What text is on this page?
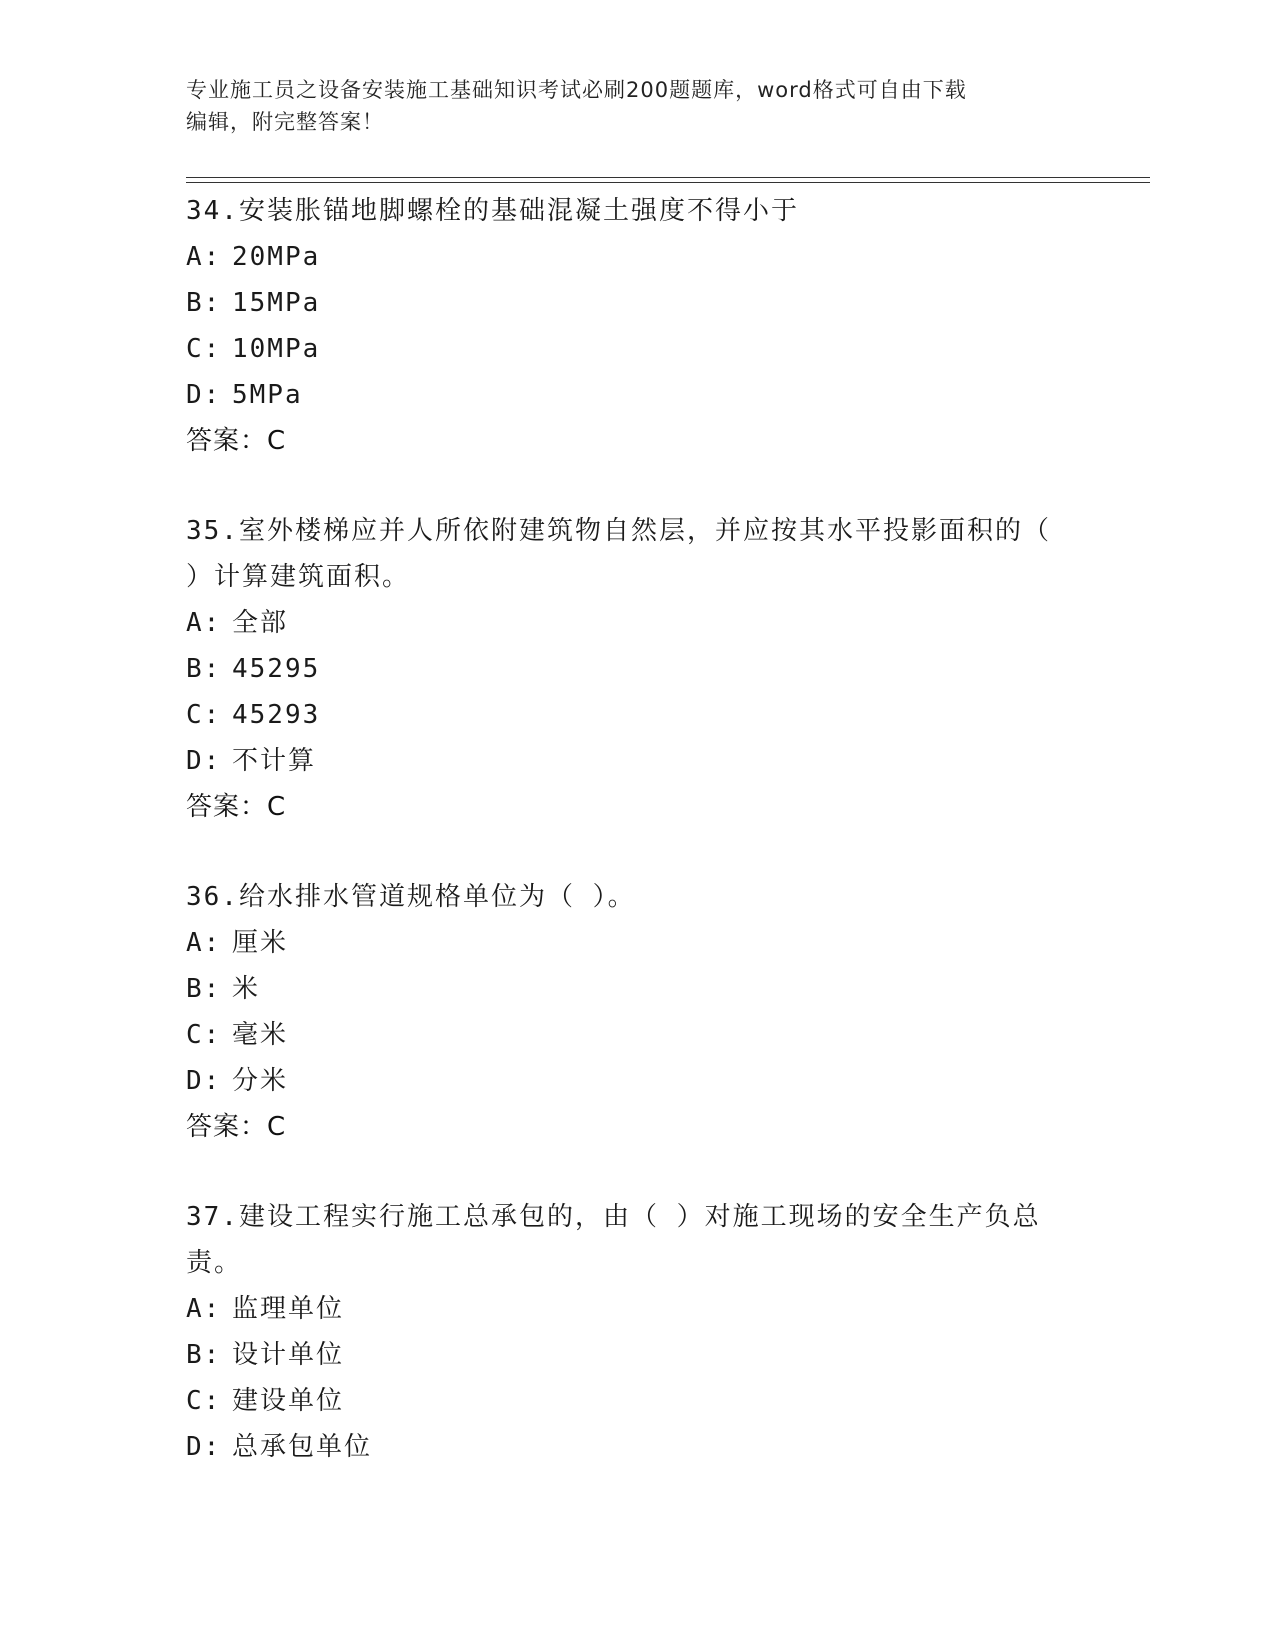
专业施工员之设备安装施工基础知识考试必刷200题题库，word格式可自由下载
编辑，附完整答案！

34.安装胀锚地脚螺栓的基础混凝土强度不得小于

A: 20MPa

B: 15MPa

C: 10MPa

D: 5MPa

答案：C

35.室外楼梯应并人所依附建筑物自然层，并应按其水平投影面积的（

）计算建筑面积。

A: 全部

B: 45295

C: 45293

D: 不计算

答案：C

36.给水排水管道规格单位为（ ）。

A: 厘米

B: 米

C: 毫米

D: 分米

答案：C

37.建设工程实行施工总承包的，由（ ）对施工现场的安全生产负总

责。

A: 监理单位

B: 设计单位

C: 建设单位

D: 总承包单位
